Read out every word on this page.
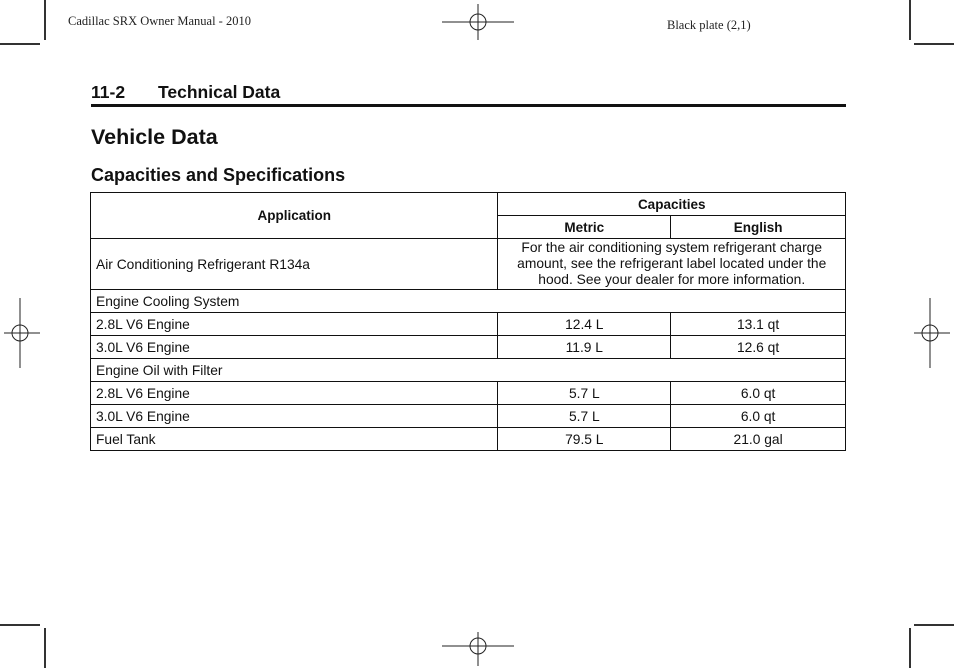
Cadillac SRX Owner Manual - 2010	Black plate (2,1)
11-2 Technical Data
Vehicle Data
Capacities and Specifications
Application	Capacities	
	Metric	English
Air Conditioning Refrigerant R134a	For the air conditioning system refrigerant charge amount, see the refrigerant label located under the hood. See your dealer for more information.	
Engine Cooling System		
2.8L V6 Engine	12.4 L	13.1 qt
3.0L V6 Engine	11.9 L	12.6 qt
Engine Oil with Filter		
2.8L V6 Engine	5.7 L	6.0 qt
3.0L V6 Engine	5.7 L	6.0 qt
Fuel Tank	79.5 L	21.0 gal
